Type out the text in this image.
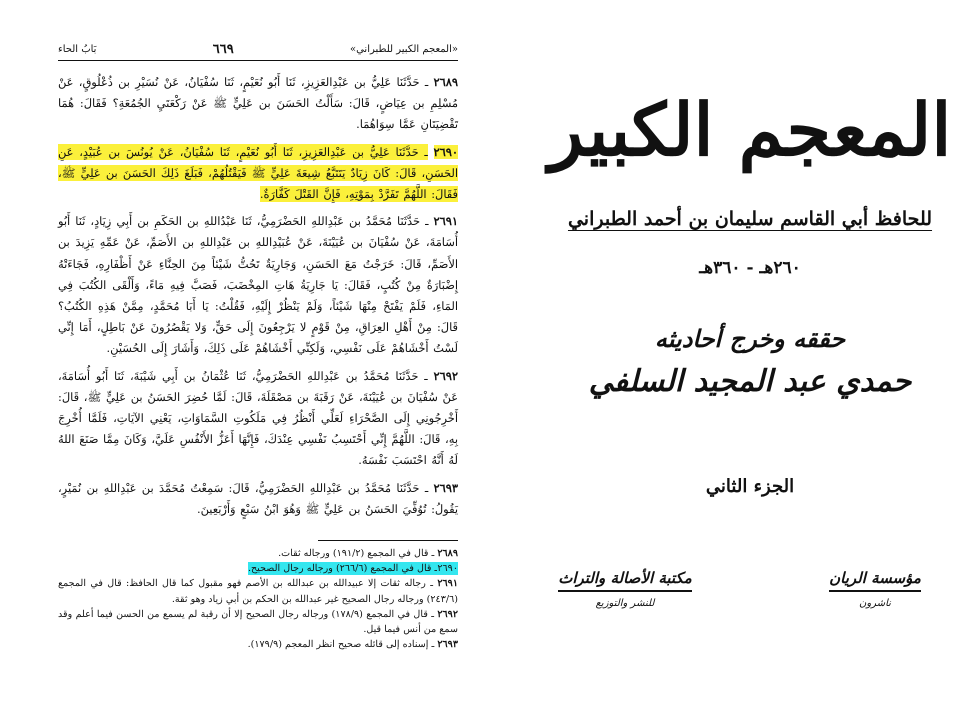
«المعجم الكبير للطبراني»
٦٦٩
بَابُ الحاء

٢٦٨٩ ـ حَدَّثَنَا عَلِيُّ بن عَبْدِالعَزِيزِ، ثَنَا أَبُو نُعَيْمٍ، ثَنَا سُفْيَانُ، عَنْ نُسَيْرِ بن ذُعْلُوقٍ، عَنْ مُسْلِمِ بن عِيَاضٍ، قَالَ: سَأَلْتُ الحَسَنَ بن عَلِيٍّ ﷺ عَنْ رَكْعَتَيِ الجُمُعَةِ؟ فَقَالَ: هُمَا تَقْضِيَتَانِ عَمَّا سِوَاهُمَا.

٢٦٩٠ ـ حَدَّثَنَا عَلِيُّ بن عَبْدِالعَزِيزِ، ثَنَا أَبُو نُعَيْمٍ، ثَنَا سُفْيَانُ، عَنْ يُونُسَ بن عُبَيْدٍ، عَنِ الحَسَنِ، قَالَ: كَانَ زِيَادٌ يَتَتَبَّعُ شِيعَةَ عَلِيٍّ ﷺ فَيَقْتُلُهُمْ، فَبَلَغَ ذَلِكَ الحَسَنَ بن عَلِيٍّ ﷺ، فَقَالَ: اللَّهُمَّ تَفَرَّدْ بِمَوْتِهِ، فَإِنَّ القَتْلَ كَفَّارَةٌ.

٢٦٩١ ـ حَدَّثَنَا مُحَمَّدُ بن عَبْدِاللهِ الحَضْرَمِيُّ، ثَنَا عَبْدُاللهِ بن الحَكَمِ بن أَبِي زِيَادٍ، ثَنَا أَبُو أُسَامَةَ، عَنْ سُفْيَانَ بن عُيَيْنَةَ، عَنْ عُبَيْدِاللهِ بن عَبْدِاللهِ بن الأَصَمِّ، عَنْ عَمِّهِ يَزِيدَ بن الأَصَمِّ، قَالَ: خَرَجْتُ مَعَ الحَسَنِ، وَجَارِيَةٌ تَحُتُّ شَيْئاً مِنَ الحِنَّاءِ عَنْ أَظْفَارِهِ، فَجَاءَتْهُ إِضْبَارَةٌ مِنْ كُتُبٍ، فَقَالَ: يَا جَارِيَةُ هَاتِ المِخْضَبَ، فَصَبَّ فِيهِ مَاءً، وَأَلْقَى الكُتُبَ فِي المَاءِ، فَلَمْ يَفْتَحْ مِنْهَا شَيْئاً، وَلَمْ يَنْظُرْ إِلَيْهِ، فَقُلْتُ: يَا أَبَا مُحَمَّدٍ، مِمَّنْ هَذِهِ الكُتُبُ؟ قَالَ: مِنْ أَهْلِ العِرَاقِ، مِنْ قَوْمٍ لا يَرْجِعُونَ إِلَى حَقٍّ، وَلا يَقْصُرُونَ عَنْ بَاطِلٍ، أَمَا إِنِّي لَسْتُ أَخْشَاهُمْ عَلَى نَفْسِي، وَلَكِنِّي أَخْشَاهُمْ عَلَى ذَلِكَ، وَأَشَارَ إِلَى الحُسَيْنِ.

٢٦٩٢ ـ حَدَّثَنَا مُحَمَّدُ بن عَبْدِاللهِ الحَضْرَمِيُّ، ثَنَا عُثْمَانُ بن أَبِي شَيْبَةَ، ثَنَا أَبُو أُسَامَةَ، عَنْ سُفْيَانَ بن عُيَيْنَةَ، عَنْ رَقَبَةَ بن مَصْقَلَةَ، قَالَ: لَمَّا حُضِرَ الحَسَنُ بن عَلِيٍّ ﷺ، قَالَ: أَخْرِجُونِي إِلَى الصَّحْرَاءِ لَعَلِّي أَنْظُرُ فِي مَلَكُوتِ السَّمَاوَاتِ، يَعْنِي الآيَاتِ، فَلَمَّا أُخْرِجَ بِهِ، قَالَ: اللَّهُمَّ إِنِّي أَحْتَسِبُ نَفْسِي عِنْدَكَ، فَإِنَّهَا أَعَزُّ الأَنْفُسِ عَلَيَّ، وَكَانَ مِمَّا صَنَعَ اللهُ لَهُ أَنَّهُ احْتَسَبَ نَفْسَهُ.

٢٦٩٣ ـ حَدَّثَنَا مُحَمَّدُ بن عَبْدِاللهِ الحَضْرَمِيُّ، قَالَ: سَمِعْتُ مُحَمَّدَ بن عَبْدِاللهِ بن نُمَيْرٍ، يَقُولُ: تُوُفِّيَ الحَسَنُ بن عَلِيٍّ ﷺ وَهُوَ ابْنُ سَبْعٍ وَأَرْبَعِينَ.

٢٦٨٩ ـ قال في المجمع (١٩١/٢) ورجاله ثقات.

٢٦٩٠ـ قال في المجمع (٢٦٦/٦) ورجاله رجال الصحيح.

٢٦٩١ ـ رجاله ثقات إلا عبيدالله بن عبدالله بن الأصم فهو مقبول كما قال الحافظ: قال في المجمع (٢٤٣/٦) ورجاله رجال الصحيح غير عبدالله بن الحكم بن أبي زياد وهو ثقة.

٢٦٩٢ ـ قال في المجمع (١٧٨/٩) ورجاله رجال الصحيح إلا أن رقبة لم يسمع من الحسن فيما أعلم وقد سمع من أنس فيما قيل.

٢٦٩٣ ـ إسناده إلى قائله صحيح انظر المعجم (١٧٩/٩).

المعجم الكبير
للحافظ أبي القاسم سليمان بن أحمد الطبراني
٢٦٠هـ - ٣٦٠هـ
حققه وخرج أحاديثه
حمدي عبد المجيد السلفي
الجزء الثاني
مؤسسة الريان
ناشرون
مكتبة الأصالة والتراث
للنشر والتوزيع
